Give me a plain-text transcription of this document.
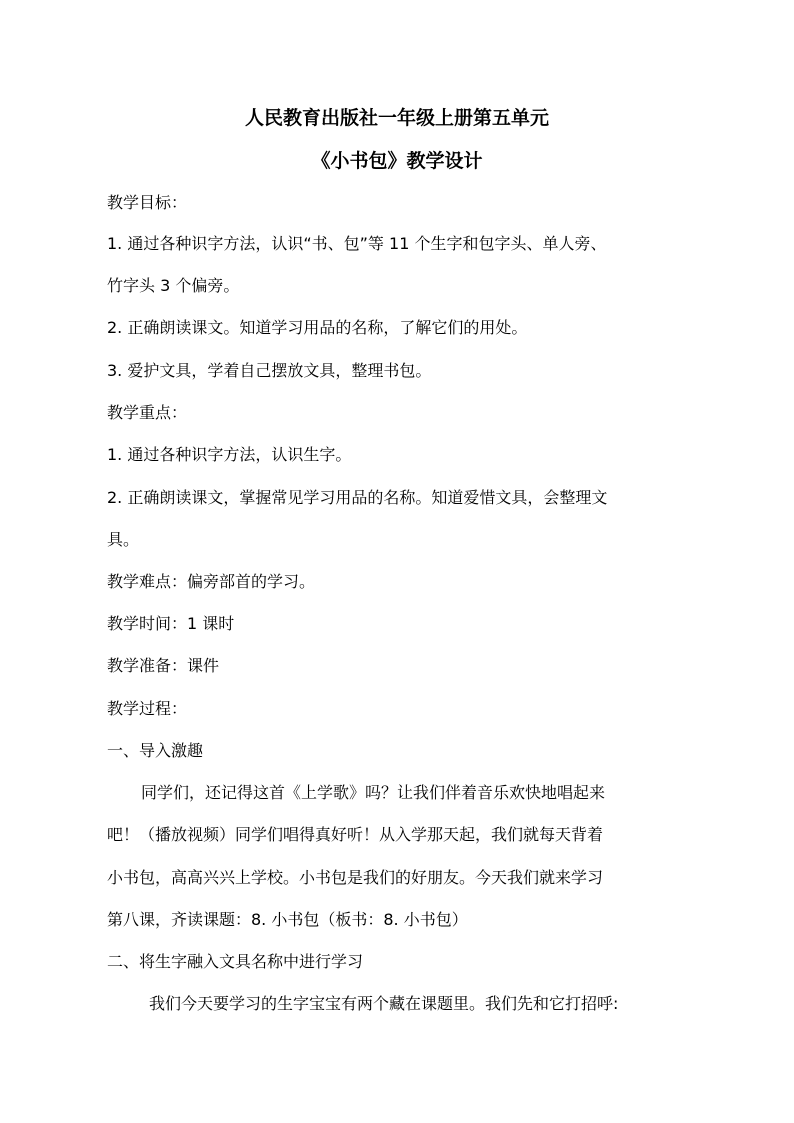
人民教育出版社一年级上册第五单元
《小书包》教学设计
教学目标：
1. 通过各种识字方法，认识“书、包”等 11 个生字和包字头、单人旁、
竹字头 3 个偏旁。
2. 正确朗读课文。知道学习用品的名称，了解它们的用处。
3. 爱护文具，学着自己摆放文具，整理书包。
教学重点：
1. 通过各种识字方法，认识生字。
2. 正确朗读课文，掌握常见学习用品的名称。知道爱惜文具，会整理文
具。
教学难点：偏旁部首的学习。
教学时间：1 课时
教学准备：课件
教学过程：
一、导入激趣
同学们，还记得这首《上学歌》吗？让我们伴着音乐欢快地唱起来
吧！（播放视频）同学们唱得真好听！从入学那天起，我们就每天背着
小书包，高高兴兴上学校。小书包是我们的好朋友。今天我们就来学习
第八课，齐读课题：8. 小书包（板书：8. 小书包）
二、将生字融入文具名称中进行学习
我们今天要学习的生字宝宝有两个藏在课题里。我们先和它打招呼:
